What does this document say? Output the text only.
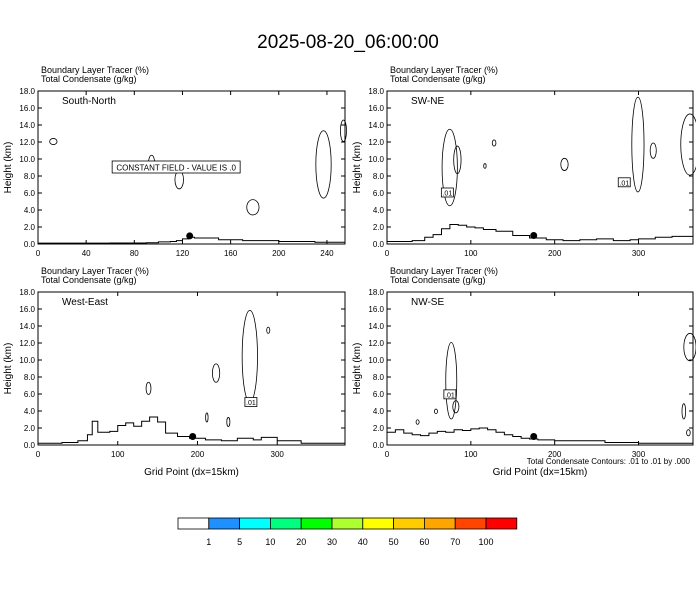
2025-08-20_06:00:00
Boundary Layer Tracer (%)
Total Condensate (g/kg)
0.0
2.0
4.0
6.0
8.0
10.0
12.0
14.0
16.0
18.0
Height (km)
0	40	80	120	160	200	240
South-North
CONSTANT FIELD - VALUE IS .0
Boundary Layer Tracer (%)
Total Condensate (g/kg)
0.0
2.0
4.0
6.0
8.0
10.0
12.0
14.0
16.0
18.0
Height (km)
0	100	200	300
SW-NE
.01
.01
Boundary Layer Tracer (%)
Total Condensate (g/kg)
0.0
2.0
4.0
6.0
8.0
10.0
12.0
14.0
16.0
18.0
Height (km)
0	100	200	300
Grid Point (dx=15km)
West-East
.01
Boundary Layer Tracer (%)
Total Condensate (g/kg)
0.0
2.0
4.0
6.0
8.0
10.0
12.0
14.0
16.0
18.0
Height (km)
0	100	200	300
Grid Point (dx=15km)
NW-SE
.01
Total Condensate Contours: .01 to .01 by .000
1	5	10 20 30 40 50 60 70 100
